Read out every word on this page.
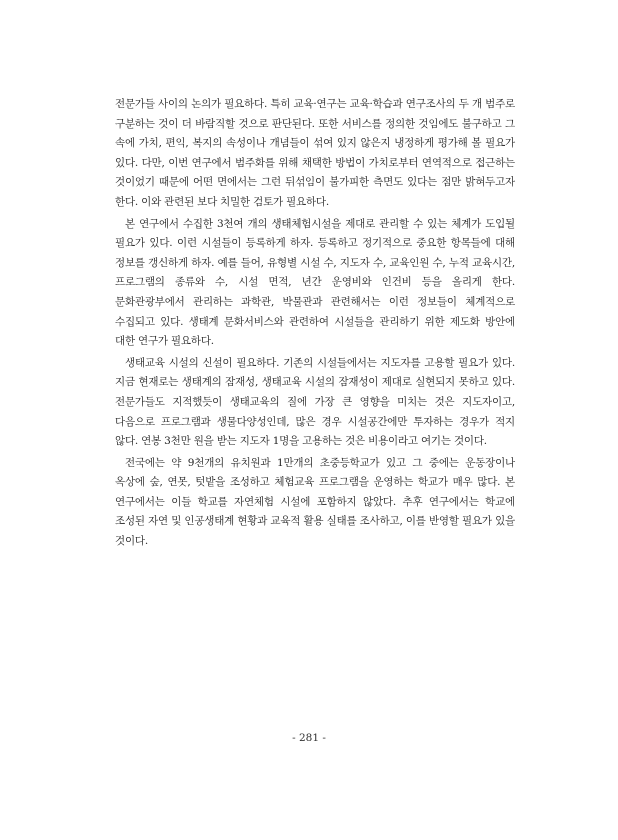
전문가들 사이의 논의가 필요하다. 특히 교육·연구는 교육·학습과 연구조사의 두 개 범주로 구분하는 것이 더 바람직할 것으로 판단된다. 또한 서비스를 정의한 것임에도 불구하고 그 속에 가치, 편익, 복지의 속성이나 개념들이 섞여 있지 않은지 냉정하게 평가해 볼 필요가 있다. 다만, 이번 연구에서 범주화를 위해 채택한 방법이 가치로부터 연역적으로 접근하는 것이었기 때문에 어떤 면에서는 그런 뒤섞임이 불가피한 측면도 있다는 점만 밝혀두고자 한다. 이와 관련된 보다 치밀한 검토가 필요하다.

본 연구에서 수집한 3천여 개의 생태체험시설을 제대로 관리할 수 있는 체계가 도입될 필요가 있다. 이런 시설들이 등록하게 하자. 등록하고 정기적으로 중요한 항목들에 대해 정보를 갱신하게 하자. 예를 들어, 유형별 시설 수, 지도자 수, 교육인원 수, 누적 교육시간, 프로그램의 종류와 수, 시설 면적, 년간 운영비와 인건비 등을 올리게 한다. 문화관광부에서 관리하는 과학관, 박물관과 관련해서는 이런 정보들이 체계적으로 수집되고 있다. 생태계 문화서비스와 관련하여 시설들을 관리하기 위한 제도화 방안에 대한 연구가 필요하다.

생태교육 시설의 신설이 필요하다. 기존의 시설들에서는 지도자를 고용할 필요가 있다. 지금 현재로는 생태계의 잠재성, 생태교육 시설의 잠재성이 제대로 실현되지 못하고 있다. 전문가들도 지적했듯이 생태교육의 질에 가장 큰 영향을 미치는 것은 지도자이고, 다음으로 프로그램과 생물다양성인데, 많은 경우 시설공간에만 투자하는 경우가 적지 않다. 연봉 3천만 원을 받는 지도자 1명을 고용하는 것은 비용이라고 여기는 것이다.

전국에는 약 9천개의 유치원과 1만개의 초중등학교가 있고 그 중에는 운동장이나 옥상에 숲, 연못, 텃밭을 조성하고 체험교육 프로그램을 운영하는 학교가 매우 많다. 본 연구에서는 이들 학교를 자연체험 시설에 포함하지 않았다. 추후 연구에서는 학교에 조성된 자연 및 인공생태계 현황과 교육적 활용 실태를 조사하고, 이를 반영할 필요가 있을 것이다.

- 281 -
